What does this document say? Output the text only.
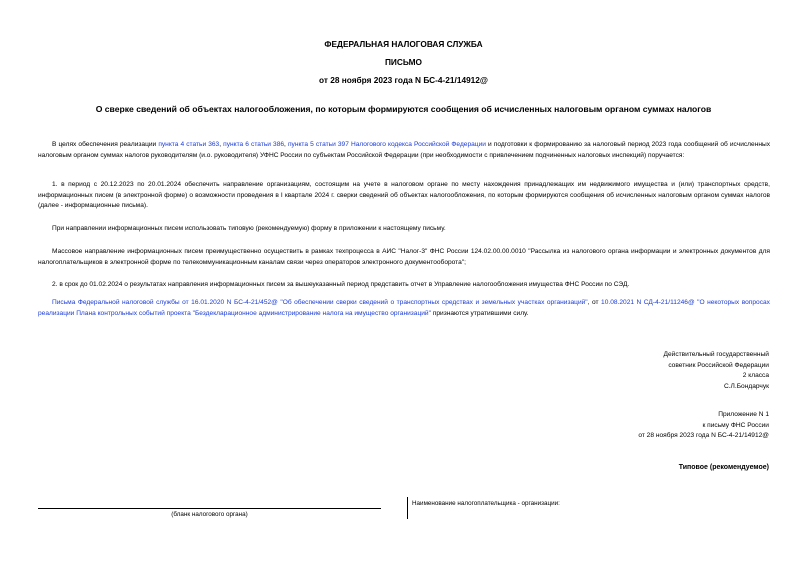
ФЕДЕРАЛЬНАЯ НАЛОГОВАЯ СЛУЖБА
ПИСЬМО
от 28 ноября 2023 года N БС-4-21/14912@
О сверке сведений об объектах налогообложения, по которым формируются сообщения об исчисленных налоговым органом суммах налогов
В целях обеспечения реализации пункта 4 статьи 363, пункта 6 статьи 386, пункта 5 статьи 397 Налогового кодекса Российской Федерации и подготовки к формированию за налоговый период 2023 года сообщений об исчисленных налоговым органом суммах налогов руководителям (и.о. руководителя) УФНС России по субъектам Российской Федерации (при необходимости с привлечением подчиненных налоговых инспекций) поручается:
1. в период с 20.12.2023 по 20.01.2024 обеспечить направление организациям, состоящим на учете в налоговом органе по месту нахождения принадлежащих им недвижимого имущества и (или) транспортных средств, информационных писем (в электронной форме) о возможности проведения в I квартале 2024 г. сверки сведений об объектах налогообложения, по которым формируются сообщения об исчисленных налоговым органом суммах налогов (далее - информационные письма).
При направлении информационных писем использовать типовую (рекомендуемую) форму в приложении к настоящему письму.
Массовое направление информационных писем преимущественно осуществить в рамках техпроцесса в АИС "Налог-3" ФНС России 124.02.00.00.0010 "Рассылка из налогового органа информации и электронных документов для налогоплательщиков в электронной форме по телекоммуникационным каналам связи через операторов электронного документооборота";
2. в срок до 01.02.2024 о результатах направления информационных писем за вышеуказанный период представить отчет в Управление налогообложения имущества ФНС России по СЭД.
Письма Федеральной налоговой службы от 16.01.2020 N БС-4-21/452@ "Об обеспечении сверки сведений о транспортных средствах и земельных участках организаций", от 10.08.2021 N СД-4-21/11246@ "О некоторых вопросах реализации Плана контрольных событий проекта "Бездекларационное администрирование налога на имущество организаций" признаются утратившими силу.
Действительный государственный
советник Российской Федерации
2 класса
С.Л.Бондарчук
Приложение N 1
к письму ФНС России
от 28 ноября 2023 года N БС-4-21/14912@
Типовое (рекомендуемое)
(бланк налогового органа)
Наименование налогоплательщика - организации:
